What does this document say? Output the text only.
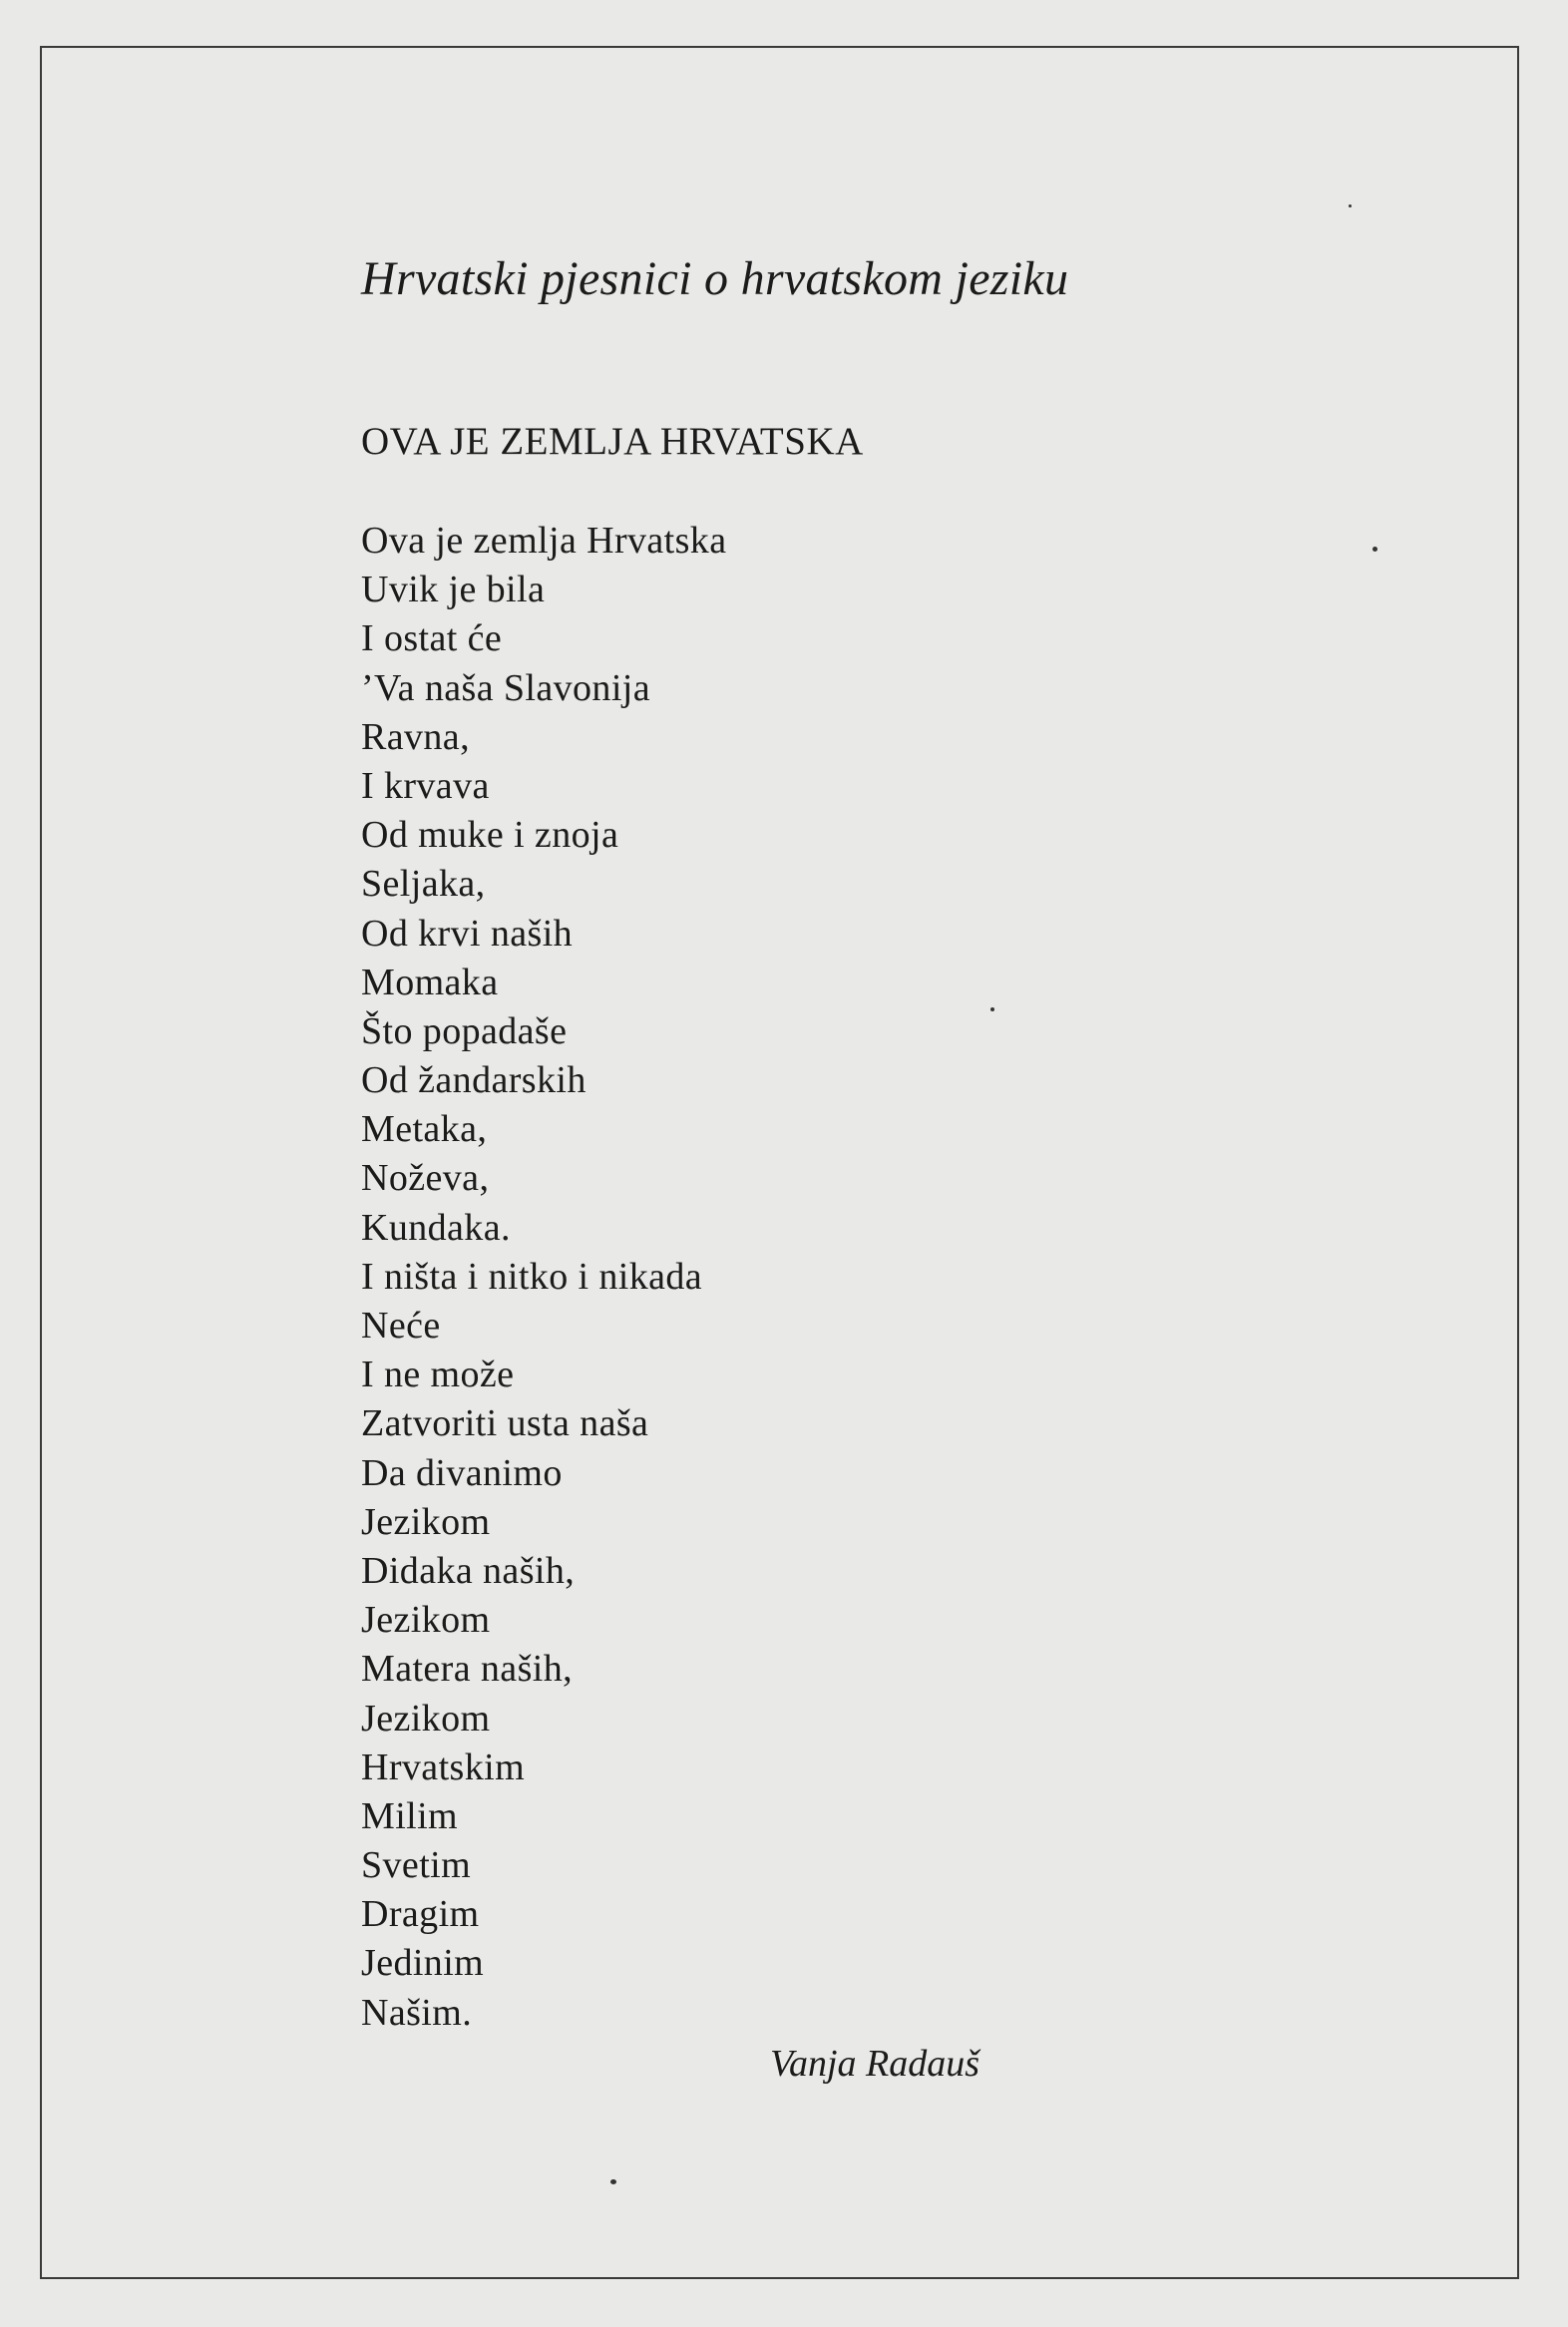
Hrvatski pjesnici o hrvatskom jeziku
OVA JE ZEMLJA HRVATSKA
Ova je zemlja Hrvatska
Uvik je bila
I ostat će
’Va naša Slavonija
Ravna,
I krvava
Od muke i znoja
Seljaka,
Od krvi naših
Momaka
Što popadaše
Od žandarskih
Metaka,
Noževa,
Kundaka.
I ništa i nitko i nikada
Neće
I ne može
Zatvoriti usta naša
Da divanimo
Jezikom
Didaka naših,
Jezikom
Matera naših,
Jezikom
Hrvatskim
Milim
Svetim
Dragim
Jedinim
Našim.
Vanja Radauš
